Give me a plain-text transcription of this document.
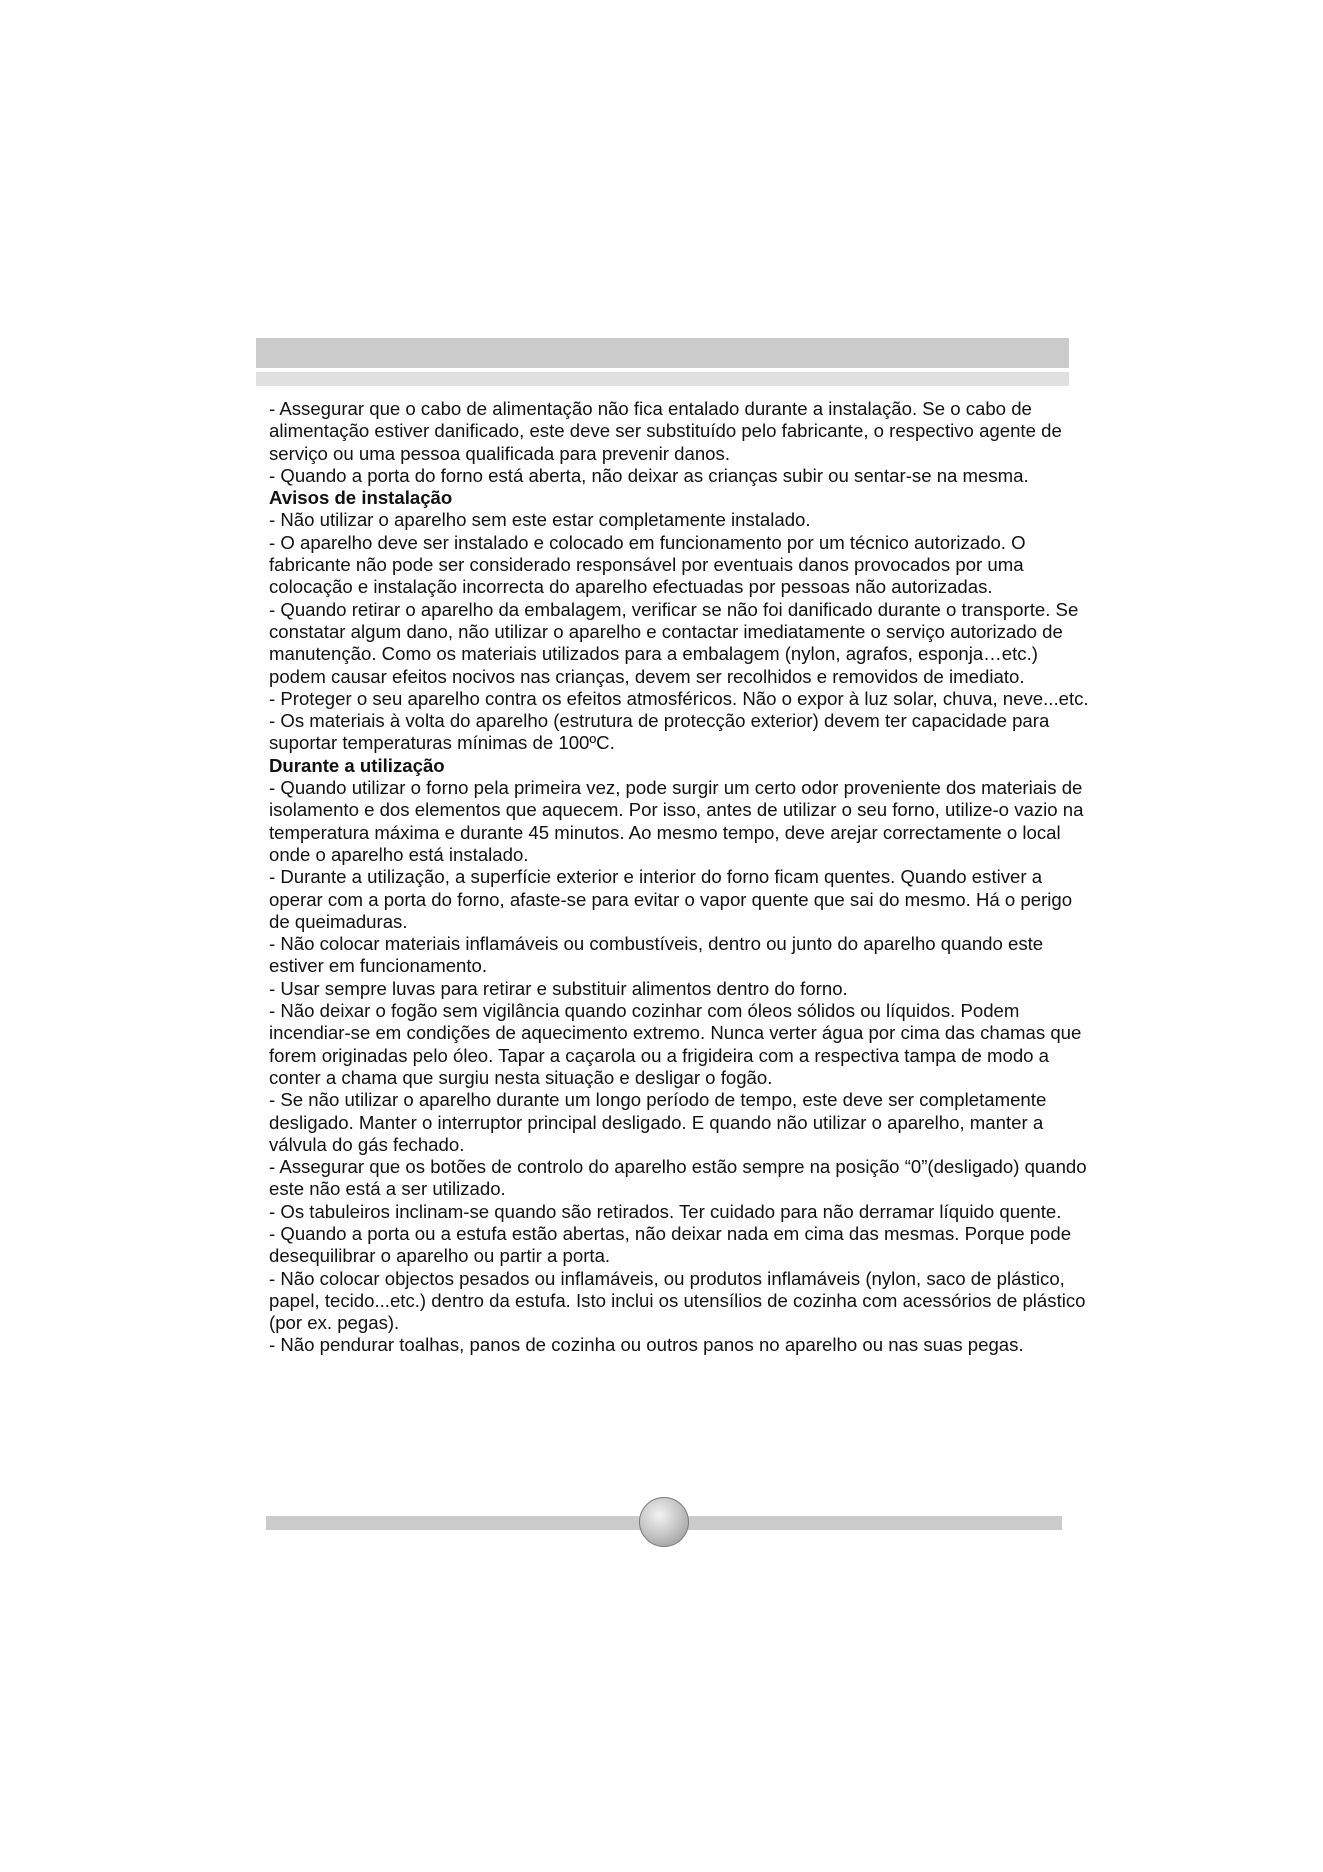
- Assegurar que o cabo de alimentação não fica entalado durante a instalação. Se o cabo de alimentação estiver danificado, este deve ser substituído pelo fabricante, o respectivo agente de serviço ou uma pessoa qualificada para prevenir danos.

- Quando a porta do forno está aberta, não deixar as crianças subir ou sentar-se na mesma.

Avisos de instalação

- Não utilizar o aparelho sem este estar completamente instalado.

- O aparelho deve ser instalado e colocado em funcionamento por um técnico autorizado. O fabricante não pode ser considerado responsável por eventuais danos provocados por uma colocação e instalação incorrecta do aparelho efectuadas por pessoas não autorizadas.

- Quando retirar o aparelho da embalagem, verificar se não foi danificado durante o transporte. Se constatar algum dano, não utilizar o aparelho e contactar imediatamente o serviço autorizado de manutenção. Como os materiais utilizados para a embalagem (nylon, agrafos, esponja…etc.) podem causar efeitos nocivos nas crianças, devem ser recolhidos e removidos de imediato.

- Proteger o seu aparelho contra os efeitos atmosféricos. Não o expor à luz solar, chuva, neve...etc.

- Os materiais à volta do aparelho (estrutura de protecção exterior) devem ter capacidade para suportar temperaturas mínimas de 100ºC.

Durante a utilização

- Quando utilizar o forno pela primeira vez, pode surgir um certo odor proveniente dos materiais de isolamento e dos elementos que aquecem. Por isso, antes de utilizar o seu forno, utilize-o vazio na temperatura máxima e durante 45 minutos. Ao mesmo tempo, deve arejar correctamente o local onde o aparelho está instalado.

- Durante a utilização, a superfície exterior e interior do forno ficam quentes. Quando estiver a operar com a porta do forno, afaste-se para evitar o vapor quente que sai do mesmo. Há o perigo de queimaduras.

- Não colocar materiais inflamáveis ou combustíveis, dentro ou junto do aparelho quando este estiver em funcionamento.

- Usar sempre luvas para retirar e substituir alimentos dentro do forno.

- Não deixar o fogão sem vigilância quando cozinhar com óleos sólidos ou líquidos. Podem incendiar-se em condições de aquecimento extremo. Nunca verter água por cima das chamas que forem originadas pelo óleo. Tapar a caçarola ou a frigideira com a respectiva tampa de modo a conter a chama que surgiu nesta situação e desligar o fogão.

- Se não utilizar o aparelho durante um longo período de tempo, este deve ser completamente desligado. Manter o interruptor principal desligado. E quando não utilizar o aparelho, manter a válvula do gás fechado.

- Assegurar que os botões de controlo do aparelho estão sempre na posição “0”(desligado) quando este não está a ser utilizado.

- Os tabuleiros inclinam-se quando são retirados. Ter cuidado para não derramar líquido quente.

- Quando a porta ou a estufa estão abertas, não deixar nada em cima das mesmas. Porque pode desequilibrar o aparelho ou partir a porta.

- Não colocar objectos pesados ou inflamáveis, ou produtos inflamáveis (nylon, saco de plástico, papel, tecido...etc.) dentro da estufa. Isto inclui os utensílios de cozinha com acessórios de plástico (por ex. pegas).

- Não pendurar toalhas, panos de cozinha ou outros panos no aparelho ou nas suas pegas.
